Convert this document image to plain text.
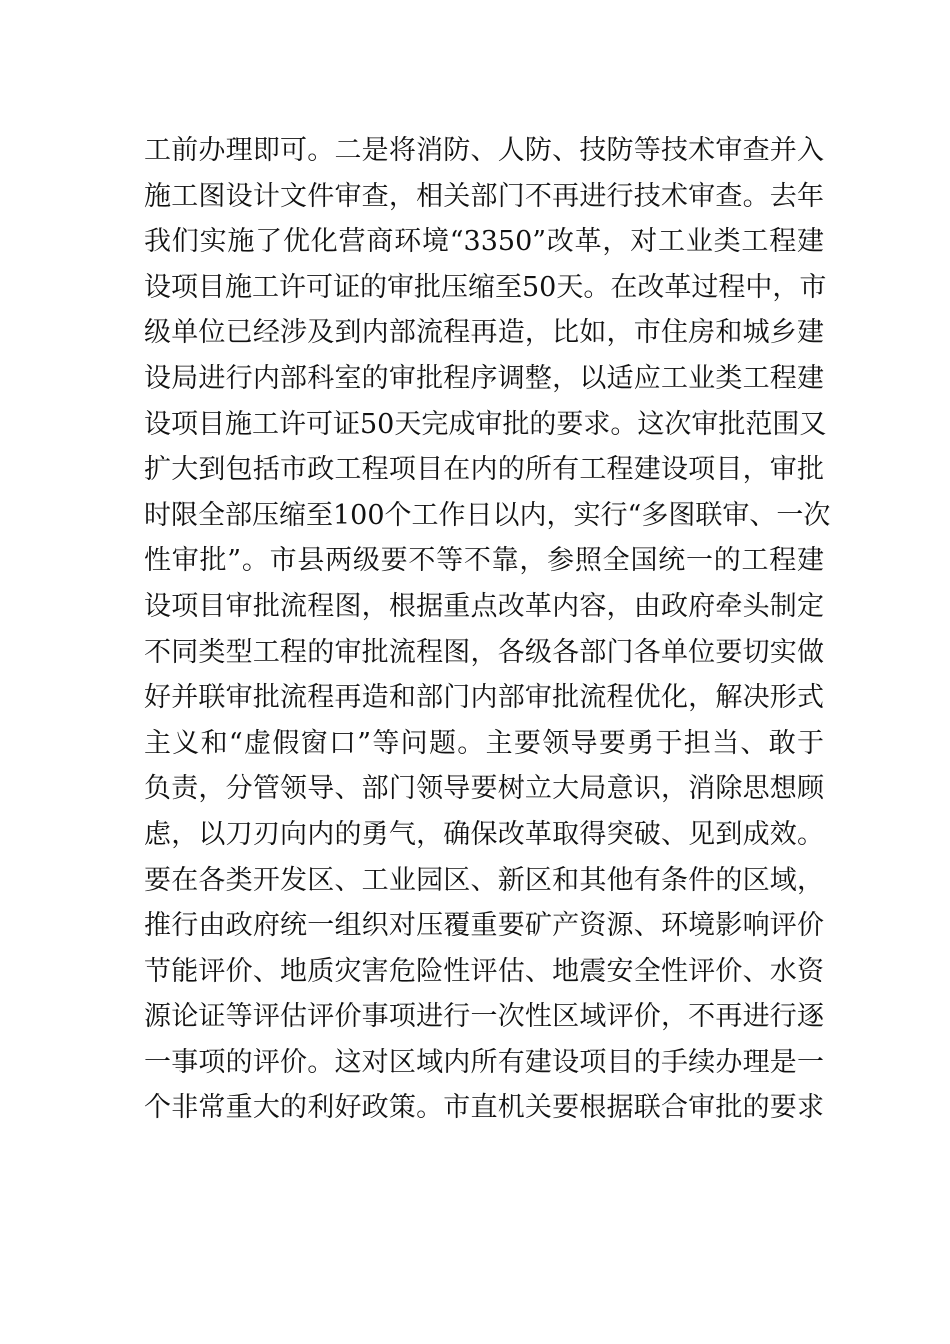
工前办理即可。二是将消防、人防、技防等技术审查并入
施工图设计文件审查，相关部门不再进行技术审查。去年
我们实施了优化营商环境“3350”改革，对工业类工程建
设项目施工许可证的审批压缩至50天。在改革过程中，市
级单位已经涉及到内部流程再造，比如，市住房和城乡建
设局进行内部科室的审批程序调整，以适应工业类工程建
设项目施工许可证50天完成审批的要求。这次审批范围又
扩大到包括市政工程项目在内的所有工程建设项目，审批
时限全部压缩至100个工作日以内，实行“多图联审、一次
性审批”。市县两级要不等不靠，参照全国统一的工程建
设项目审批流程图，根据重点改革内容，由政府牵头制定
不同类型工程的审批流程图，各级各部门各单位要切实做
好并联审批流程再造和部门内部审批流程优化，解决形式
主义和“虚假窗口”等问题。主要领导要勇于担当、敢于
负责，分管领导、部门领导要树立大局意识，消除思想顾
虑，以刀刃向内的勇气，确保改革取得突破、见到成效。
要在各类开发区、工业园区、新区和其他有条件的区域，
推行由政府统一组织对压覆重要矿产资源、环境影响评价
节能评价、地质灾害危险性评估、地震安全性评价、水资
源论证等评估评价事项进行一次性区域评价，不再进行逐
一事项的评价。这对区域内所有建设项目的手续办理是一
个非常重大的利好政策。市直机关要根据联合审批的要求
